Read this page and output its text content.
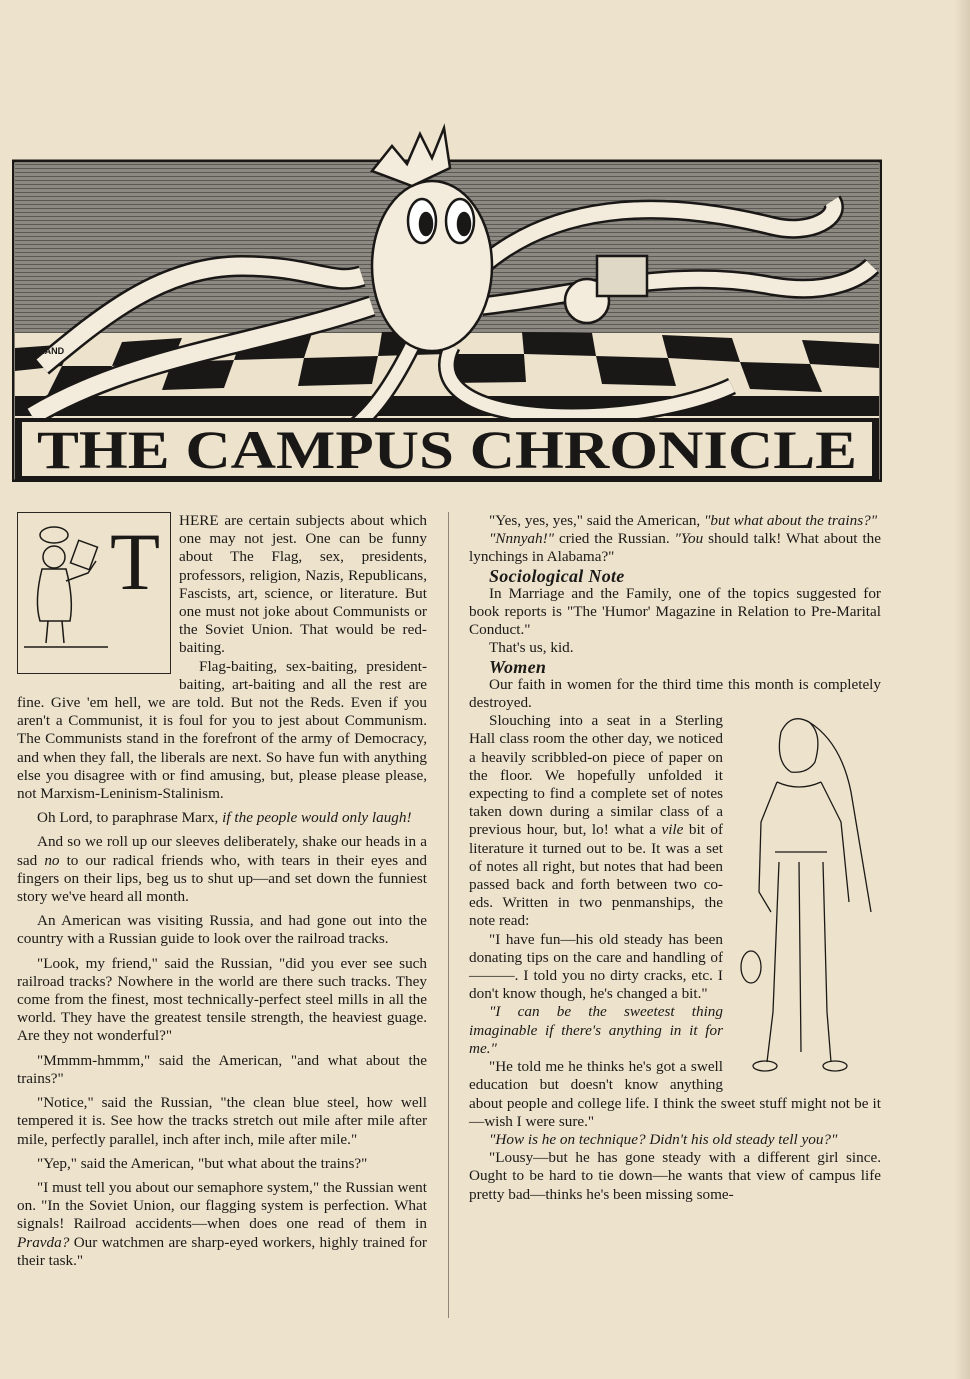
MAYLAND
THE CAMPUS CHRONICLE
T	HERE are certain subjects about which one may not jest. One can be funny about The Flag, sex, presidents, professors, religion, Nazis, Republicans, Fascists, art, science, or literature. But one must not joke about Communists or the Soviet Union. That would be red-baiting.

Flag-baiting, sex-baiting, president-baiting, art-baiting and all the rest are fine. Give 'em hell, we are told. But not the Reds. Even if you aren't a Communist, it is foul for you to jest about Communism. The Communists stand in the forefront of the army of Democracy, and when they fall, the liberals are next. So have fun with anything else you disagree with or find amusing, but, please please please, not Marxism-Leninism-Stalinism.

Oh Lord, to paraphrase Marx, if the people would only laugh!

And so we roll up our sleeves deliberately, shake our heads in a sad no to our radical friends who, with tears in their eyes and fingers on their lips, beg us to shut up—and set down the funniest story we've heard all month.

An American was visiting Russia, and had gone out into the country with a Russian guide to look over the railroad tracks.

"Look, my friend," said the Russian, "did you ever see such railroad tracks? Nowhere in the world are there such tracks. They come from the finest, most technically-perfect steel mills in all the world. They have the greatest tensile strength, the heaviest guage. Are they not wonderful?"

"Mmmm-hmmm," said the American, "and what about the trains?"

"Notice," said the Russian, "the clean blue steel, how well tempered it is. See how the tracks stretch out mile after mile after mile, perfectly parallel, inch after inch, mile after mile."

"Yep," said the American, "but what about the trains?"

"I must tell you about our semaphore system," the Russian went on. "In the Soviet Union, our flagging system is perfection. What signals! Railroad accidents—when does one read of them in Pravda? Our watchmen are sharp-eyed workers, highly trained for their task."

"Yes, yes, yes," said the American, "but what about the trains?"

"Nnnyah!" cried the Russian. "You should talk! What about the lynchings in Alabama?"

Sociological Note

In Marriage and the Family, one of the topics suggested for book reports is "The 'Humor' Magazine in Relation to Pre-Marital Conduct."

That's us, kid.

Women

Our faith in women for the third time this month is completely destroyed.

Slouching into a seat in a Sterling Hall class room the other day, we noticed a heavily scribbled-on piece of paper on the floor. We hopefully unfolded it expecting to find a complete set of notes taken down during a similar class of a previous hour, but, lo! what a vile bit of literature it turned out to be. It was a set of notes all right, but notes that had been passed back and forth between two co-eds. Written in two penmanships, the note read:

"I have fun—his old steady has been donating tips on the care and handling of———. I told you no dirty cracks, etc. I don't know though, he's changed a bit."

"I can be the sweetest thing imaginable if there's anything in it for me."

"He told me he thinks he's got a swell education but doesn't know anything about people and college life. I think the sweet stuff might not be it—wish I were sure."

"How is he on technique? Didn't his old steady tell you?"

"Lousy—but he has gone steady with a different girl since. Ought to be hard to tie down—he wants that view of campus life pretty bad—thinks he's been missing some-
